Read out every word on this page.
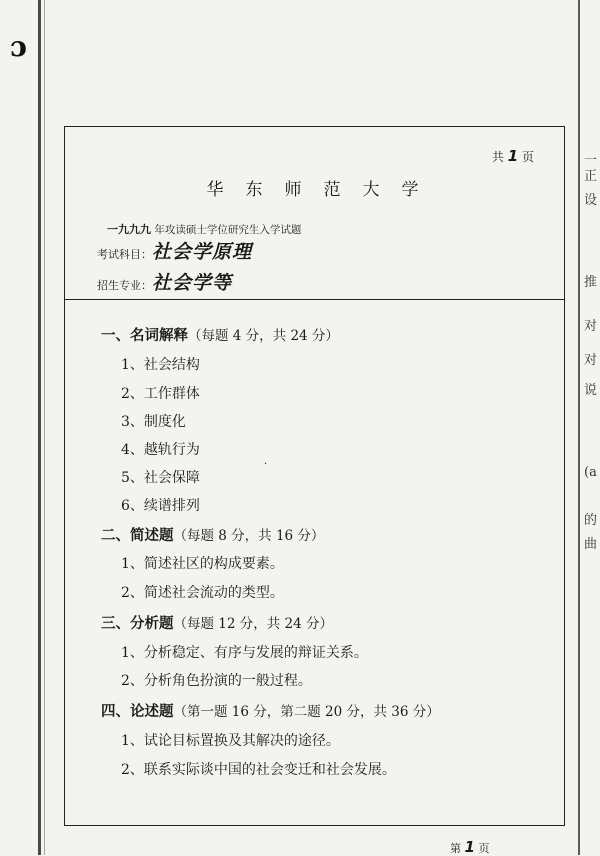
ɔ
一
正
设
推
对
对
说
(a
的
曲
共 1 页
华东师范大学
一九九九 年攻读硕士学位研究生入学试题
考试科目：社会学原理
招生专业：社会学等
一、名词解释（每题 4 分，共 24 分）
1、社会结构
2、工作群体
3、制度化
4、越轨行为
5、社会保障
·
6、续谱排列
二、简述题（每题 8 分，共 16 分）
1、简述社区的构成要素。
2、简述社会流动的类型。
三、分析题（每题 12 分，共 24 分）
1、分析稳定、有序与发展的辩证关系。
2、分析角色扮演的一般过程。
四、论述题（第一题 16 分，第二题 20 分，共 36 分）
1、试论目标置换及其解决的途径。
2、联系实际谈中国的社会变迁和社会发展。
第 1 页
